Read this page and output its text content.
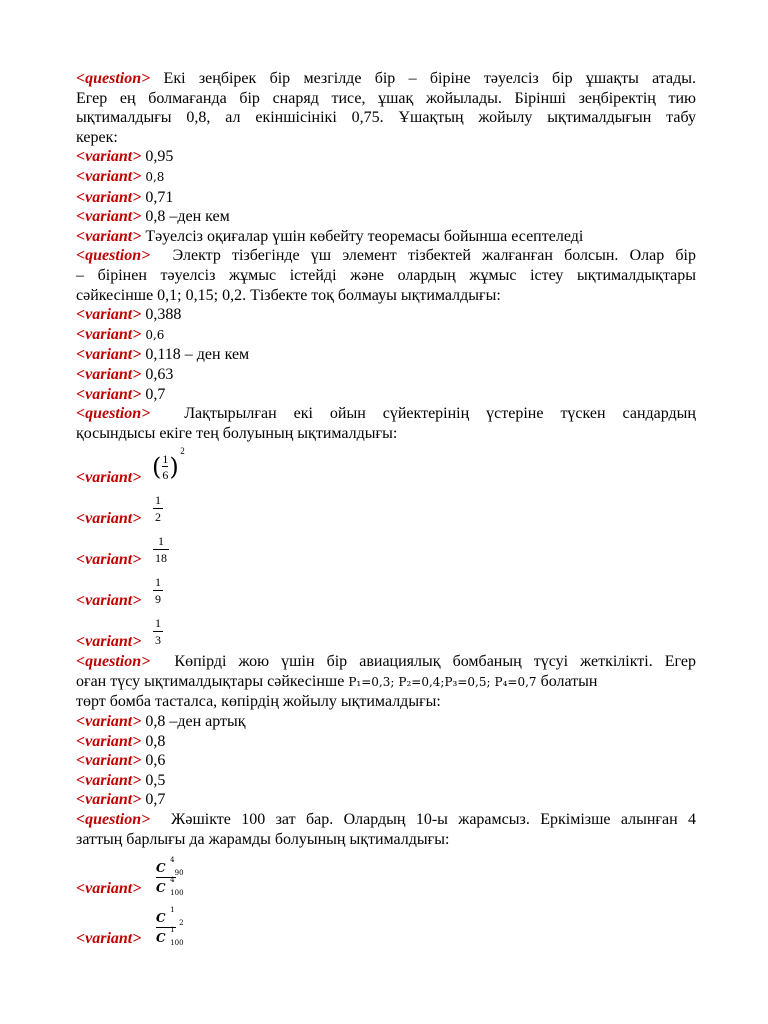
<question> Екі зеңбірек бір мезгілде бір – біріне тәуелсіз бір ұшақты атады.
Егер ең болмағанда бір снаряд тисе, ұшақ жойылады. Бірінші зеңбіректің тию
ықтималдығы 0,8, ал екіншісінікі 0,75. Ұшақтың жойылу ықтималдығын табу
керек:
<variant> 0,95
<variant> 0,8
<variant> 0,71
<variant> 0,8 –ден кем
<variant> Тәуелсіз оқиғалар үшін көбейту теоремасы бойынша есептеледі
<question> Электр тізбегінде үш элемент тізбектей жалғанған болсын. Олар бір
– бірінен тәуелсіз жұмыс істейді және олардың жұмыс істеу ықтималдықтары
сәйкесінше 0,1; 0,15; 0,2. Тізбекте тоқ болмауы ықтималдығы:
<variant> 0,388
<variant> 0,6
<variant> 0,118 – ден кем
<variant> 0,63
<variant> 0,7
<question> Лақтырылған екі ойын сүйектерінің үстеріне түскен сандардың
қосындысы екіге тең болуының ықтималдығы:
<variant> ( 1
6 )
2
<variant> $\frac{1}{2}$
<variant> $\frac{1}{18}$
<variant> $\frac{1}{9}$
<variant> $\frac{1}{3}$
<question> Көпірді жою үшін бір авиациялық бомбаның түсуі жеткілікті. Егер
оған түсу ықтималдықтары сәйкесінше P₁=0,3; P₂=0,4;P₃=0,5; P₄=0,7 болатын
төрт бомба тасталса, көпірдің жойылу ықтималдығы:
<variant> 0,8 –ден артық
<variant> 0,8
<variant> 0,6
<variant> 0,5
<variant> 0,7
<question> Жәшікте 100 зат бар. Олардың 10-ы жарамсыз. Еркімізше алынған 4
заттың барлығы да жарамды болуының ықтималдығы:
<variant>
C
4
90
C
4
100
<variant>
C
1
2
C
1
100
